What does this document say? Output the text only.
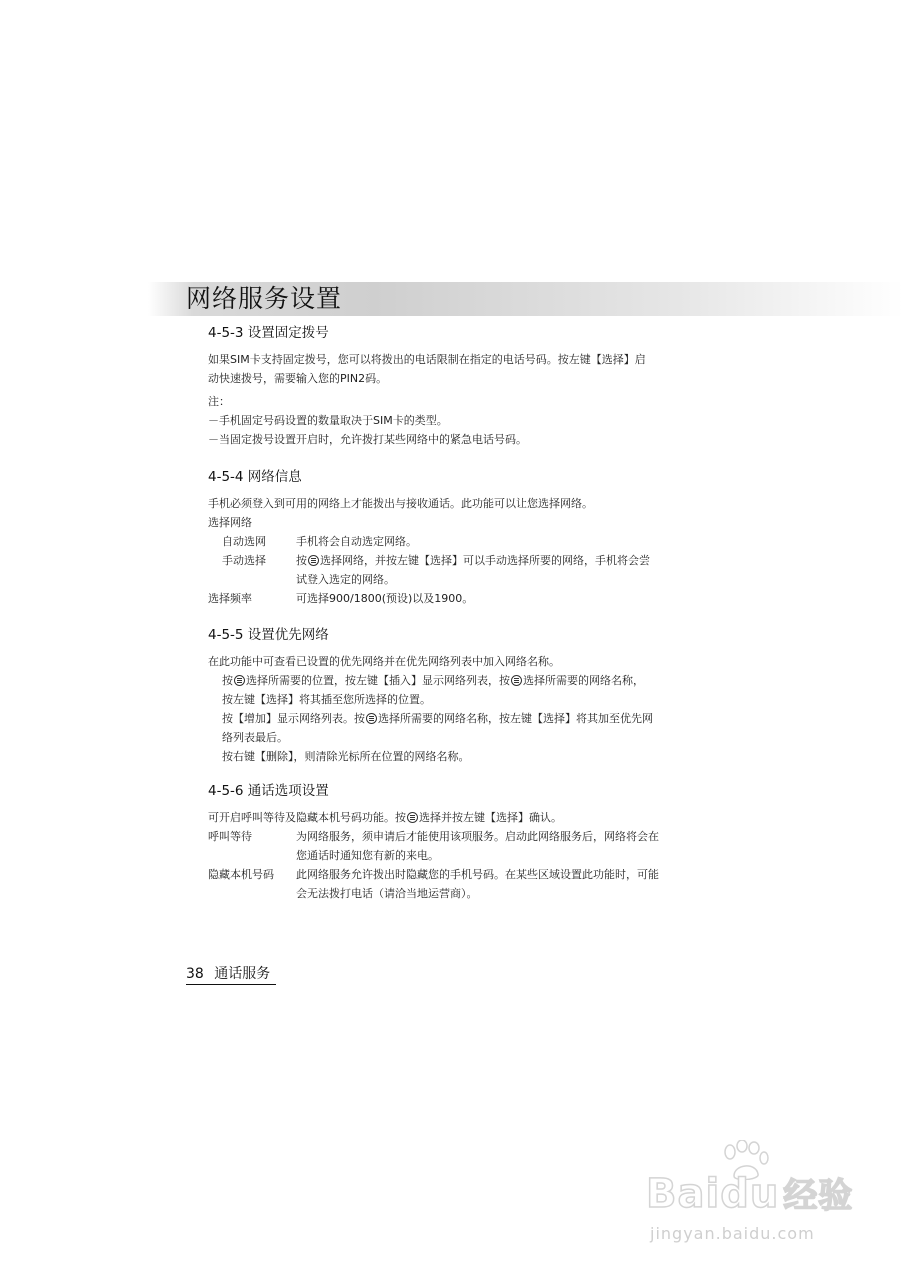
网络服务设置
4-5-3 设置固定拨号
如果SIM卡支持固定拨号，您可以将拨出的电话限制在指定的电话号码。按左键【选择】启
动快速拨号，需要输入您的PIN2码。
注：
－手机固定号码设置的数量取决于SIM卡的类型。
－当固定拨号设置开启时，允许拨打某些网络中的紧急电话号码。
4-5-4 网络信息
手机必须登入到可用的网络上才能拨出与接收通话。此功能可以让您选择网络。
选择网络
自动选网	手机将会自动选定网络。
手动选择	按 选择网络，并按左键【选择】可以手动选择所要的网络，手机将会尝
试登入选定的网络。
选择频率	可选择900/1800(预设)以及1900。
4-5-5 设置优先网络
在此功能中可查看已设置的优先网络并在优先网络列表中加入网络名称。
按 选择所需要的位置，按左键【插入】显示网络列表，按 选择所需要的网络名称，
按左键【选择】将其插至您所选择的位置。
按【增加】显示网络列表。按 选择所需要的网络名称，按左键【选择】将其加至优先网
络列表最后。
按右键【删除】，则清除光标所在位置的网络名称。
4-5-6 通话选项设置
可开启呼叫等待及隐藏本机号码功能。按 选择并按左键【选择】确认。
呼叫等待	为网络服务，须申请后才能使用该项服务。启动此网络服务后，网络将会在
您通话时通知您有新的来电。
隐藏本机号码	此网络服务允许拨出时隐藏您的手机号码。在某些区域设置此功能时，可能
会无法拨打电话（请洽当地运营商）。
38 通话服务
Baidu 经验
jingyan.baidu.com
